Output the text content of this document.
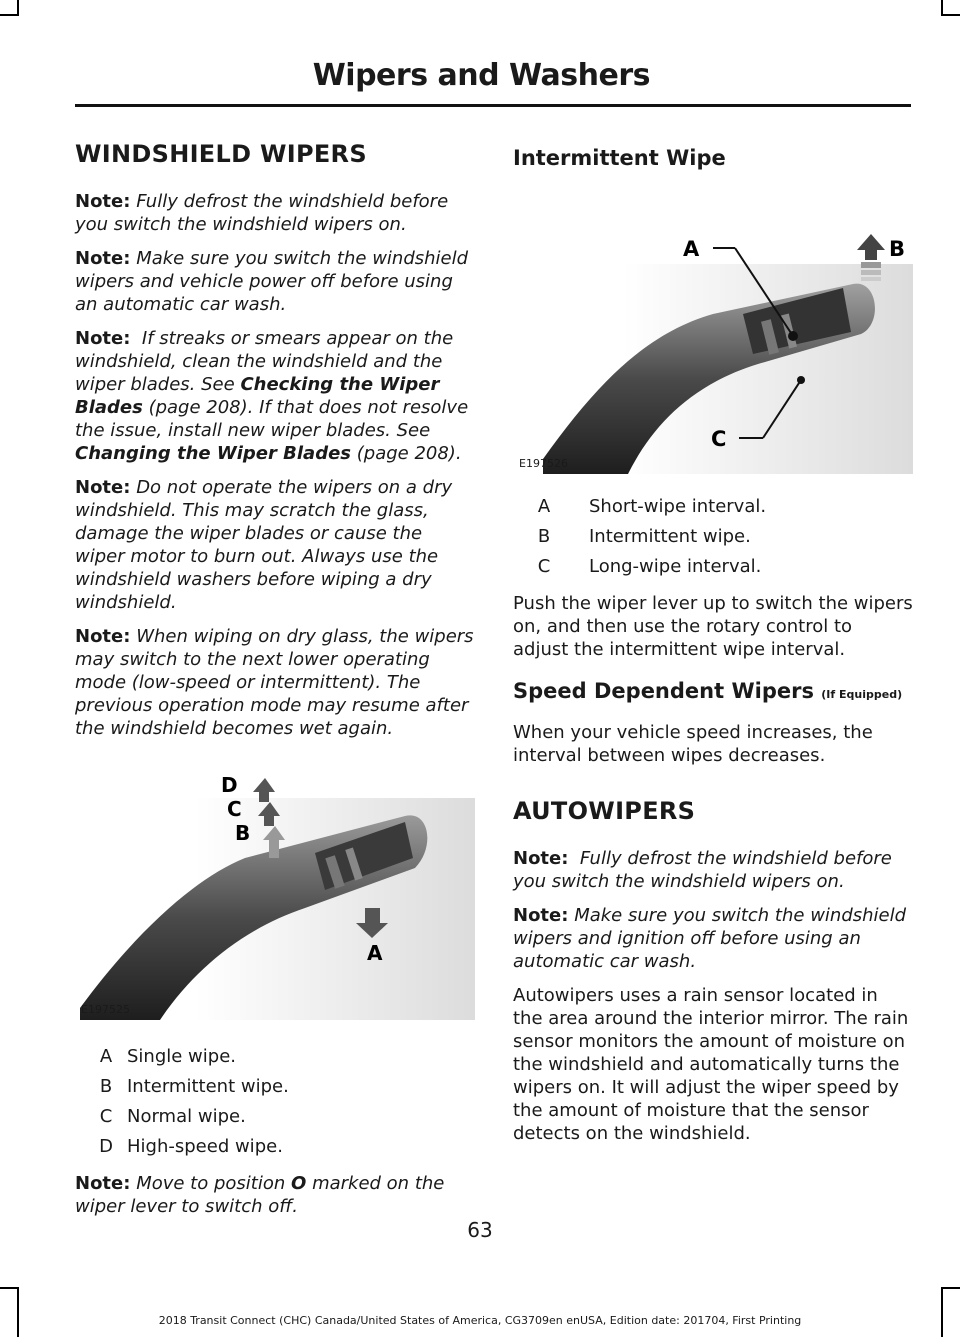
Wipers and Washers
WINDSHIELD WIPERS

Note: Fully defrost the windshield before you switch the windshield wipers on.

Note: Make sure you switch the windshield wipers and vehicle power off before using an automatic car wash.

Note: If streaks or smears appear on the windshield, clean the windshield and the wiper blades. See Checking the Wiper Blades (page 208). If that does not resolve the issue, install new wiper blades. See Changing the Wiper Blades (page 208).

Note: Do not operate the wipers on a dry windshield. This may scratch the glass, damage the wiper blades or cause the wiper motor to burn out. Always use the windshield washers before wiping a dry windshield.

Note: When wiping on dry glass, the wipers may switch to the next lower operating mode (low-speed or intermittent). The previous operation mode may resume after the windshield becomes wet again.

D
C
B
A
E197525
A Single wipe.
B Intermittent wipe.
C Normal wipe.
D High-speed wipe.

Note: Move to position O marked on the wiper lever to switch off.

Intermittent Wipe
A	B
C
E197526
A	Short-wipe interval.
B	Intermittent wipe.
C	Long-wipe interval.

Push the wiper lever up to switch the wipers on, and then use the rotary control to adjust the intermittent wipe interval.

Speed Dependent Wipers (If Equipped)

When your vehicle speed increases, the interval between wipes decreases.

AUTOWIPERS

Note: Fully defrost the windshield before you switch the windshield wipers on.

Note: Make sure you switch the windshield wipers and ignition off before using an automatic car wash.

Autowipers uses a rain sensor located in the area around the interior mirror. The rain sensor monitors the amount of moisture on the windshield and automatically turns the wipers on. It will adjust the wiper speed by the amount of moisture that the sensor detects on the windshield.

63
2018 Transit Connect (CHC) Canada/United States of America, CG3709en enUSA, Edition date: 201704, First Printing
